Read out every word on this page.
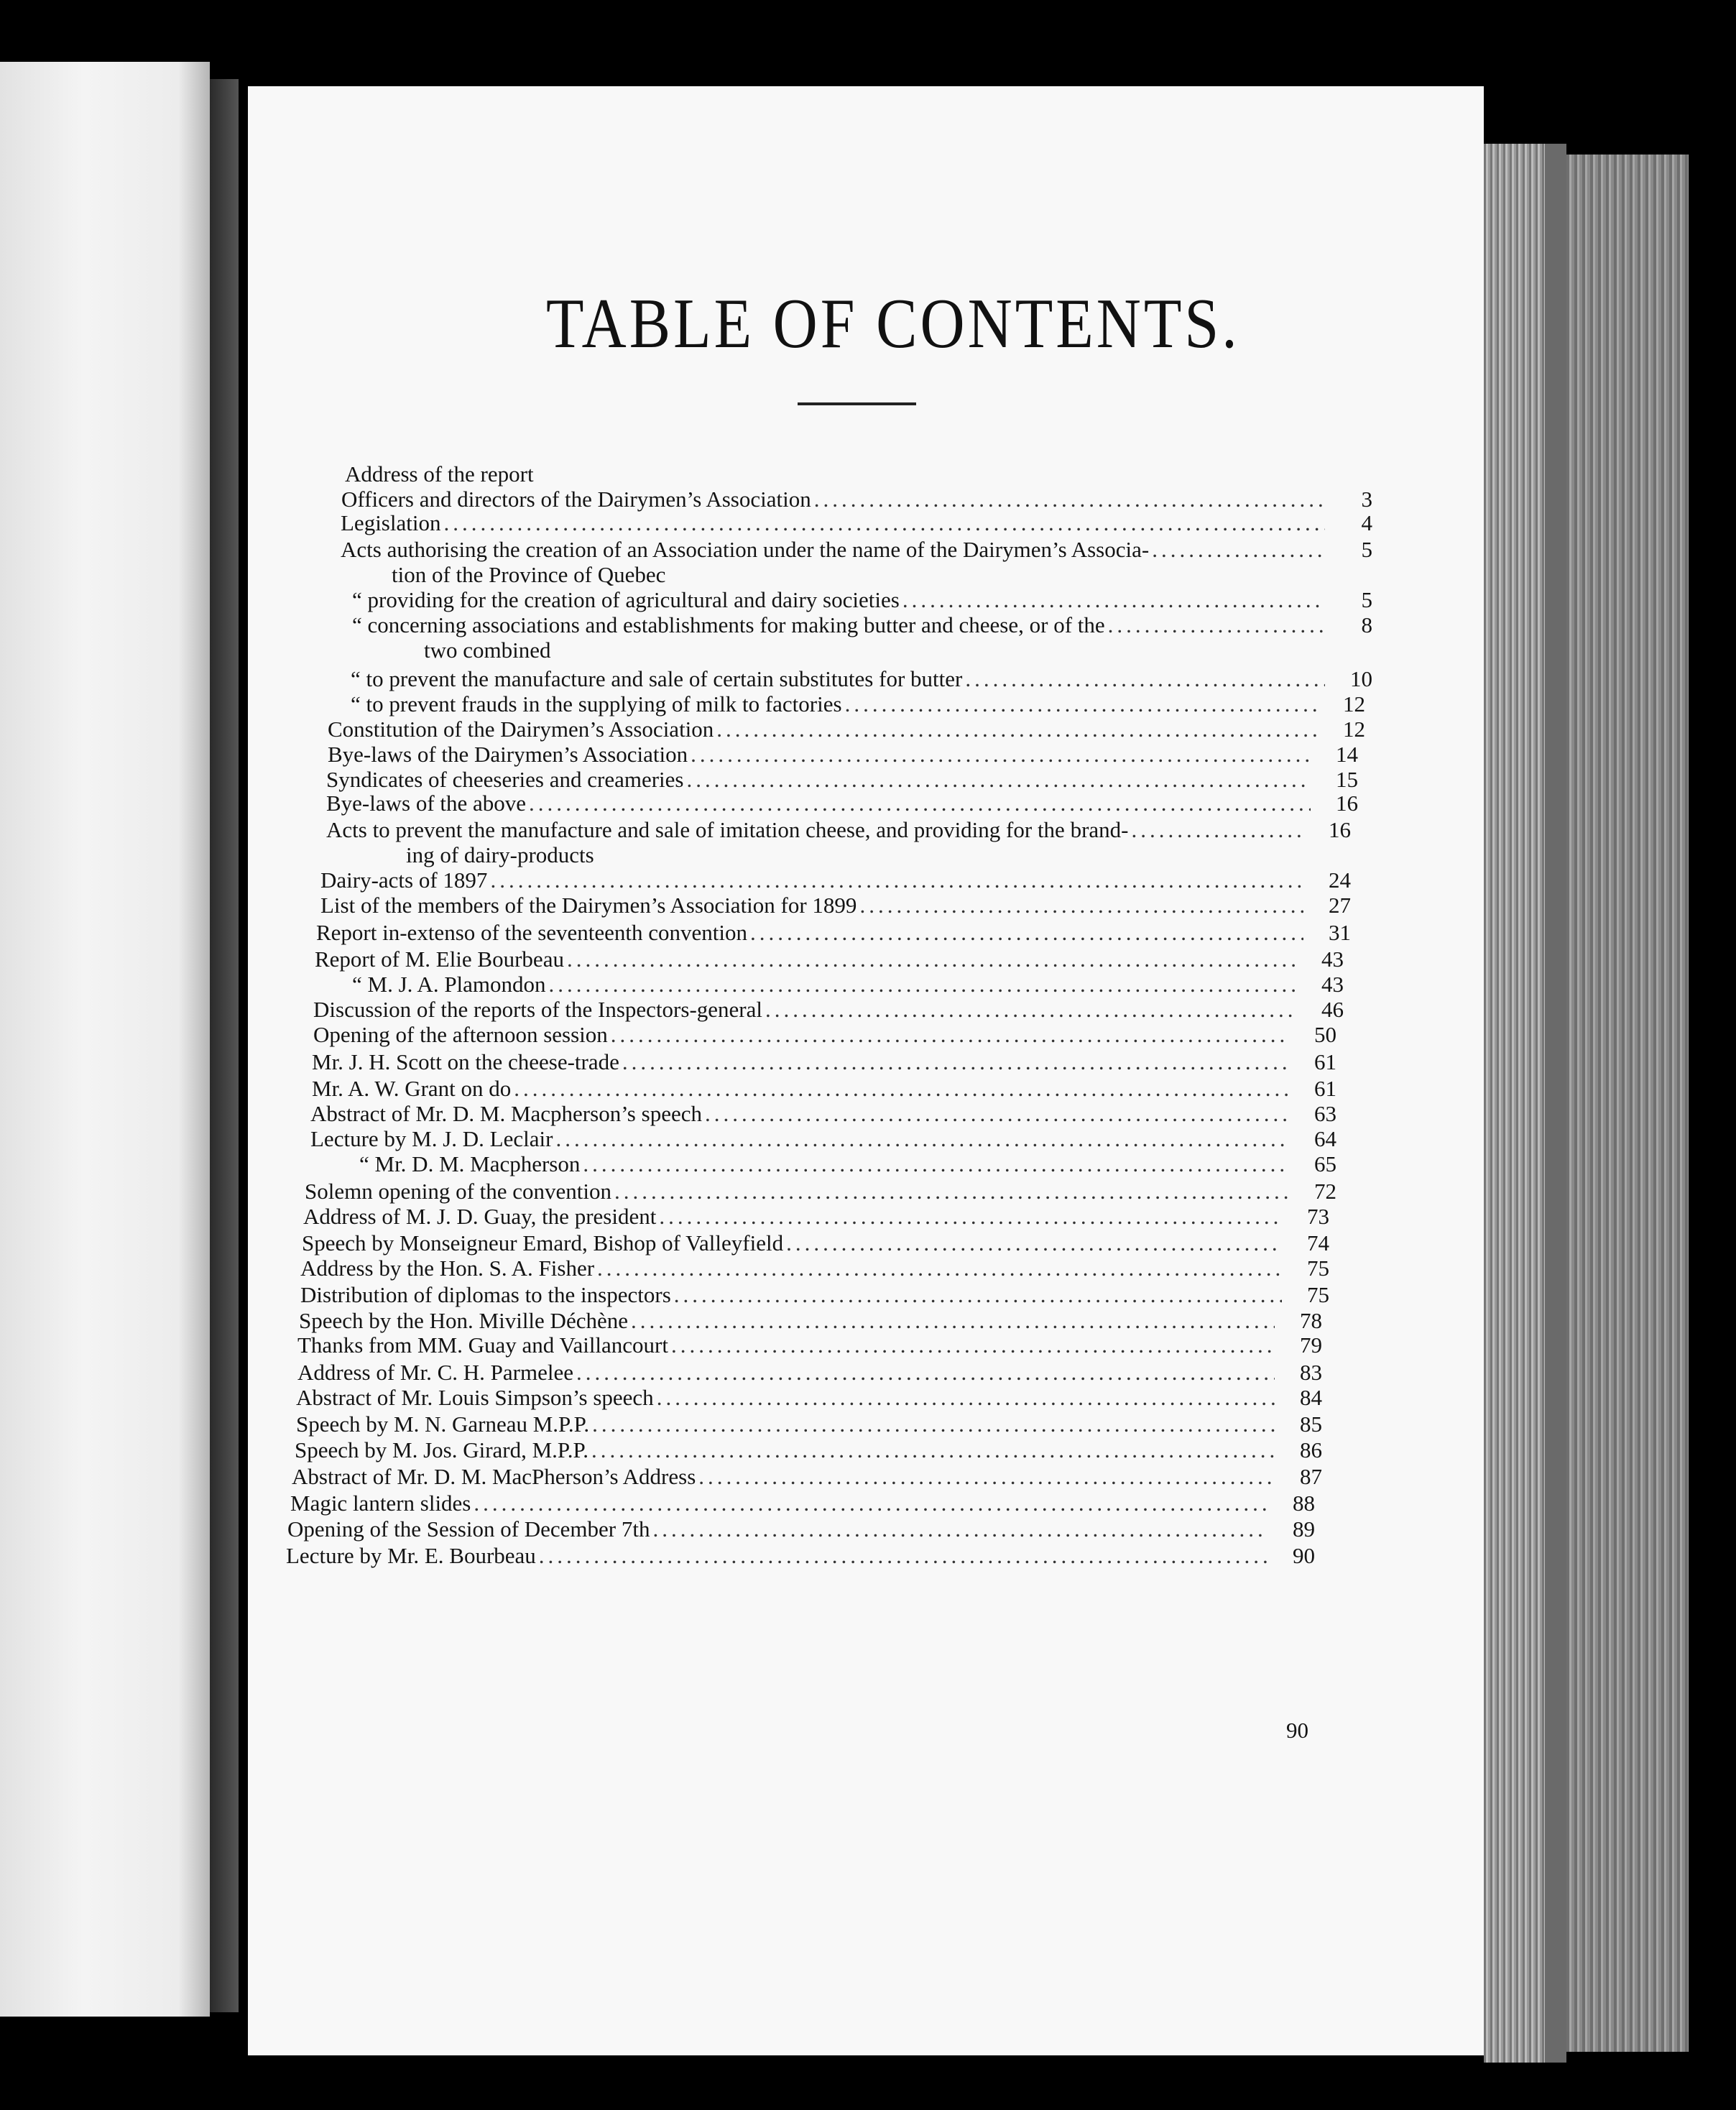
TABLE OF CONTENTS.
Address of the report
Officers and directors of the Dairymen’s Association .....	3
Legislation .....	4
Acts authorising the creation of an Association under the name of the Dairymen’s Associa- .....	5
tion of the Province of Quebec
“ providing for the creation of agricultural and dairy societies .....	5
“ concerning associations and establishments for making butter and cheese, or of the .....	8
two combined
“ to prevent the manufacture and sale of certain substitutes for butter .....	10
“ to prevent frauds in the supplying of milk to factories .....	12
Constitution of the Dairymen’s Association .....	12
Bye-laws of the Dairymen’s Association .....	14
Syndicates of cheeseries and creameries .....	15
Bye-laws of the above .....	16
Acts to prevent the manufacture and sale of imitation cheese, and providing for the brand- .....	16
ing of dairy-products
Dairy-acts of 1897 .....	24
List of the members of the Dairymen’s Association for 1899 .....	27
Report in-extenso of the seventeenth convention .....	31
Report of M. Elie Bourbeau .....	43
“ M. J. A. Plamondon .....	43
Discussion of the reports of the Inspectors-general .....	46
Opening of the afternoon session .....	50
Mr. J. H. Scott on the cheese-trade .....	61
Mr. A. W. Grant on do .....	61
Abstract of Mr. D. M. Macpherson’s speech .....	63
Lecture by M. J. D. Leclair .....	64
“ Mr. D. M. Macpherson .....	65
Solemn opening of the convention .....	72
Address of M. J. D. Guay, the president .....	73
Speech by Monseigneur Emard, Bishop of Valleyfield .....	74
Address by the Hon. S. A. Fisher .....	75
Distribution of diplomas to the inspectors .....	75
Speech by the Hon. Miville Déchène .....	78
Thanks from MM. Guay and Vaillancourt .....	79
Address of Mr. C. H. Parmelee .....	83
Abstract of Mr. Louis Simpson’s speech .....	84
Speech by M. N. Garneau M.P.P. .....	85
Speech by M. Jos. Girard, M.P.P. .....	86
Abstract of Mr. D. M. MacPherson’s Address .....	87
Magic lantern slides .....	88
Opening of the Session of December 7th .....	89
Lecture by Mr. E. Bourbeau .....	90
90
